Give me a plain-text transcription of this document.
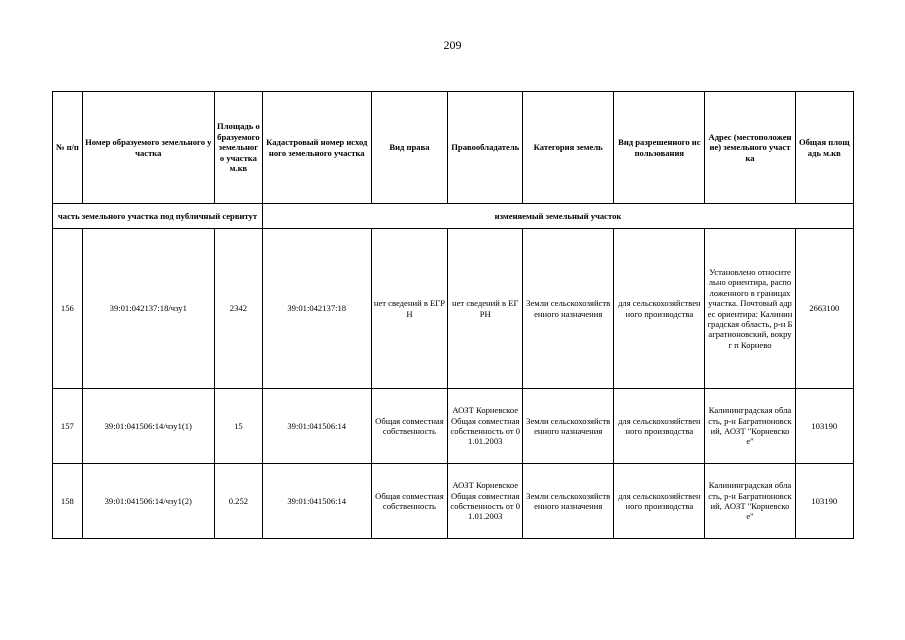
209
№ п/п	Номер образуемого земельного участка	Площадь образуемого земельного участка м.кв	Кадастровый номер исходного земельного участка	Вид права	Правообладатель	Категория земель	Вид разрешенного использования	Адрес (местоположение) земельного участка	Общая площадь м.кв
часть земельного участка под публичный сервитут			изменяемый земельный участок						
156	39:01:042137:18/чзу1	2342	39:01:042137:18	нет сведений в ЕГРН	нет сведений в ЕГРН	Земли сельскохозяйственного назначения	для сельскохозяйственного производства	Установлено относительно ориентира, расположенного в границах участка. Почтовый адрес ориентира: Калининградская область, р-н Багратионовский, вокруг п Корнево	2663100
157	39:01:041506:14/чзу1(1)	15	39:01:041506:14	Общая совместная собственность	АОЗТ Корневское Общая совместная собственность от 01.01.2003	Земли сельскохозяйственного назначения	для сельскохозяйственного производства	Калининградская область, р-н Багратионовский, АОЗТ "Корневское"	103190
158	39:01:041506:14/чзу1(2)	0.252	39:01:041506:14	Общая совместная собственность	АОЗТ Корневское Общая совместная собственность от 01.01.2003	Земли сельскохозяйственного назначения	для сельскохозяйственного производства	Калининградская область, р-н Багратионовский, АОЗТ "Корневское"	103190
